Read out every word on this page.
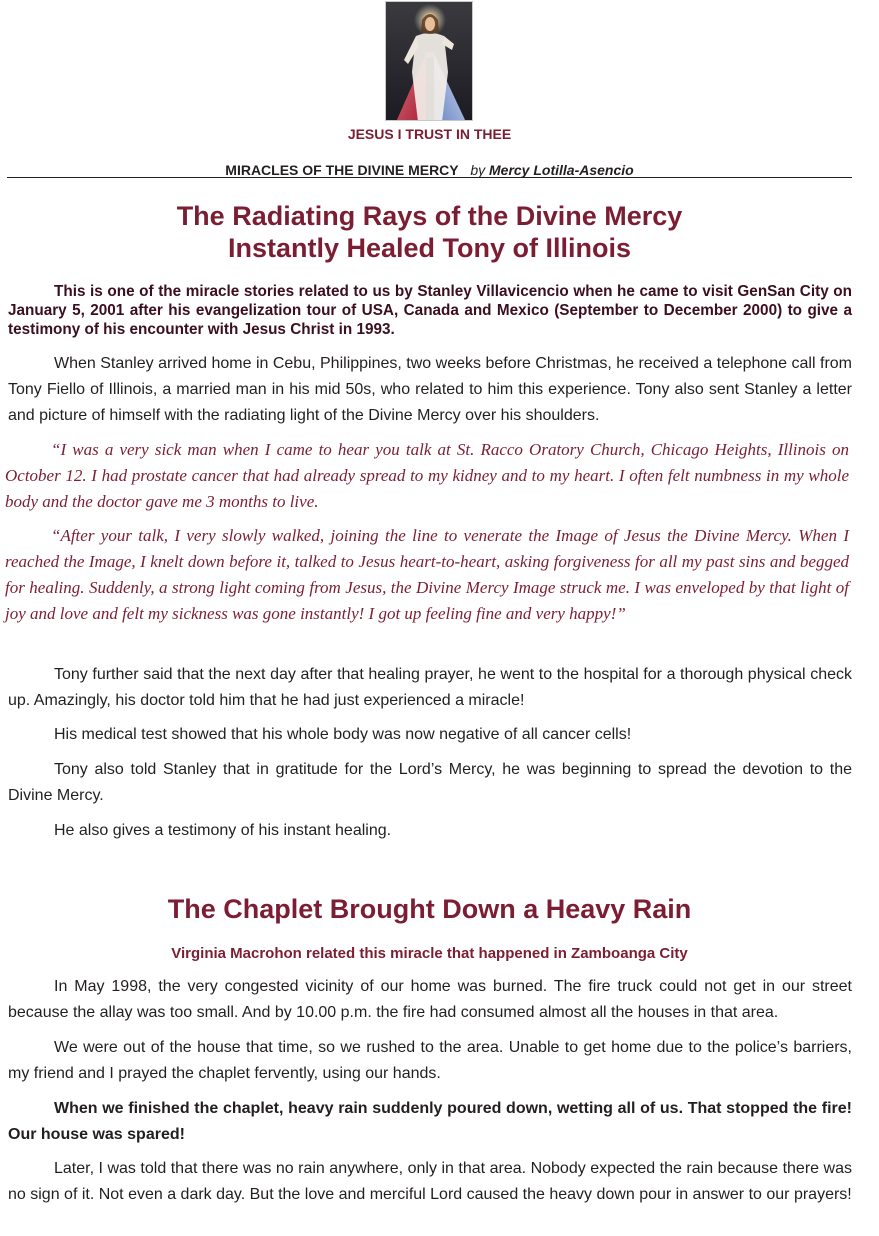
JESUS I TRUST IN THEE
MIRACLES OF THE DIVINE MERCY by Mercy Lotilla-Asencio
The Radiating Rays of the Divine Mercy
Instantly Healed Tony of Illinois
This is one of the miracle stories related to us by Stanley Villavicencio when he came to visit GenSan City on January 5, 2001 after his evangelization tour of USA, Canada and Mexico (September to December 2000) to give a testimony of his encounter with Jesus Christ in 1993.
When Stanley arrived home in Cebu, Philippines, two weeks before Christmas, he received a telephone call from Tony Fiello of Illinois, a married man in his mid 50s, who related to him this experience. Tony also sent Stanley a letter and picture of himself with the radiating light of the Divine Mercy over his shoulders.
“I was a very sick man when I came to hear you talk at St. Racco Oratory Church, Chicago Heights, Illinois on October 12. I had prostate cancer that had already spread to my kidney and to my heart. I often felt numbness in my whole body and the doctor gave me 3 months to live.
“After your talk, I very slowly walked, joining the line to venerate the Image of Jesus the Divine Mercy. When I reached the Image, I knelt down before it, talked to Jesus heart-to-heart, asking forgiveness for all my past sins and begged for healing. Suddenly, a strong light coming from Jesus, the Divine Mercy Image struck me. I was enveloped by that light of joy and love and felt my sickness was gone instantly! I got up feeling fine and very happy!”
Tony further said that the next day after that healing prayer, he went to the hospital for a thorough physical check up. Amazingly, his doctor told him that he had just experienced a miracle!
His medical test showed that his whole body was now negative of all cancer cells!
Tony also told Stanley that in gratitude for the Lord’s Mercy, he was beginning to spread the devotion to the Divine Mercy.
He also gives a testimony of his instant healing.
The Chaplet Brought Down a Heavy Rain
Virginia Macrohon related this miracle that happened in Zamboanga City
In May 1998, the very congested vicinity of our home was burned. The fire truck could not get in our street because the allay was too small. And by 10.00 p.m. the fire had consumed almost all the houses in that area.
We were out of the house that time, so we rushed to the area. Unable to get home due to the police’s barriers, my friend and I prayed the chaplet fervently, using our hands.
When we finished the chaplet, heavy rain suddenly poured down, wetting all of us. That stopped the fire! Our house was spared!
Later, I was told that there was no rain anywhere, only in that area. Nobody expected the rain because there was no sign of it. Not even a dark day. But the love and merciful Lord caused the heavy down pour in answer to our prayers!
